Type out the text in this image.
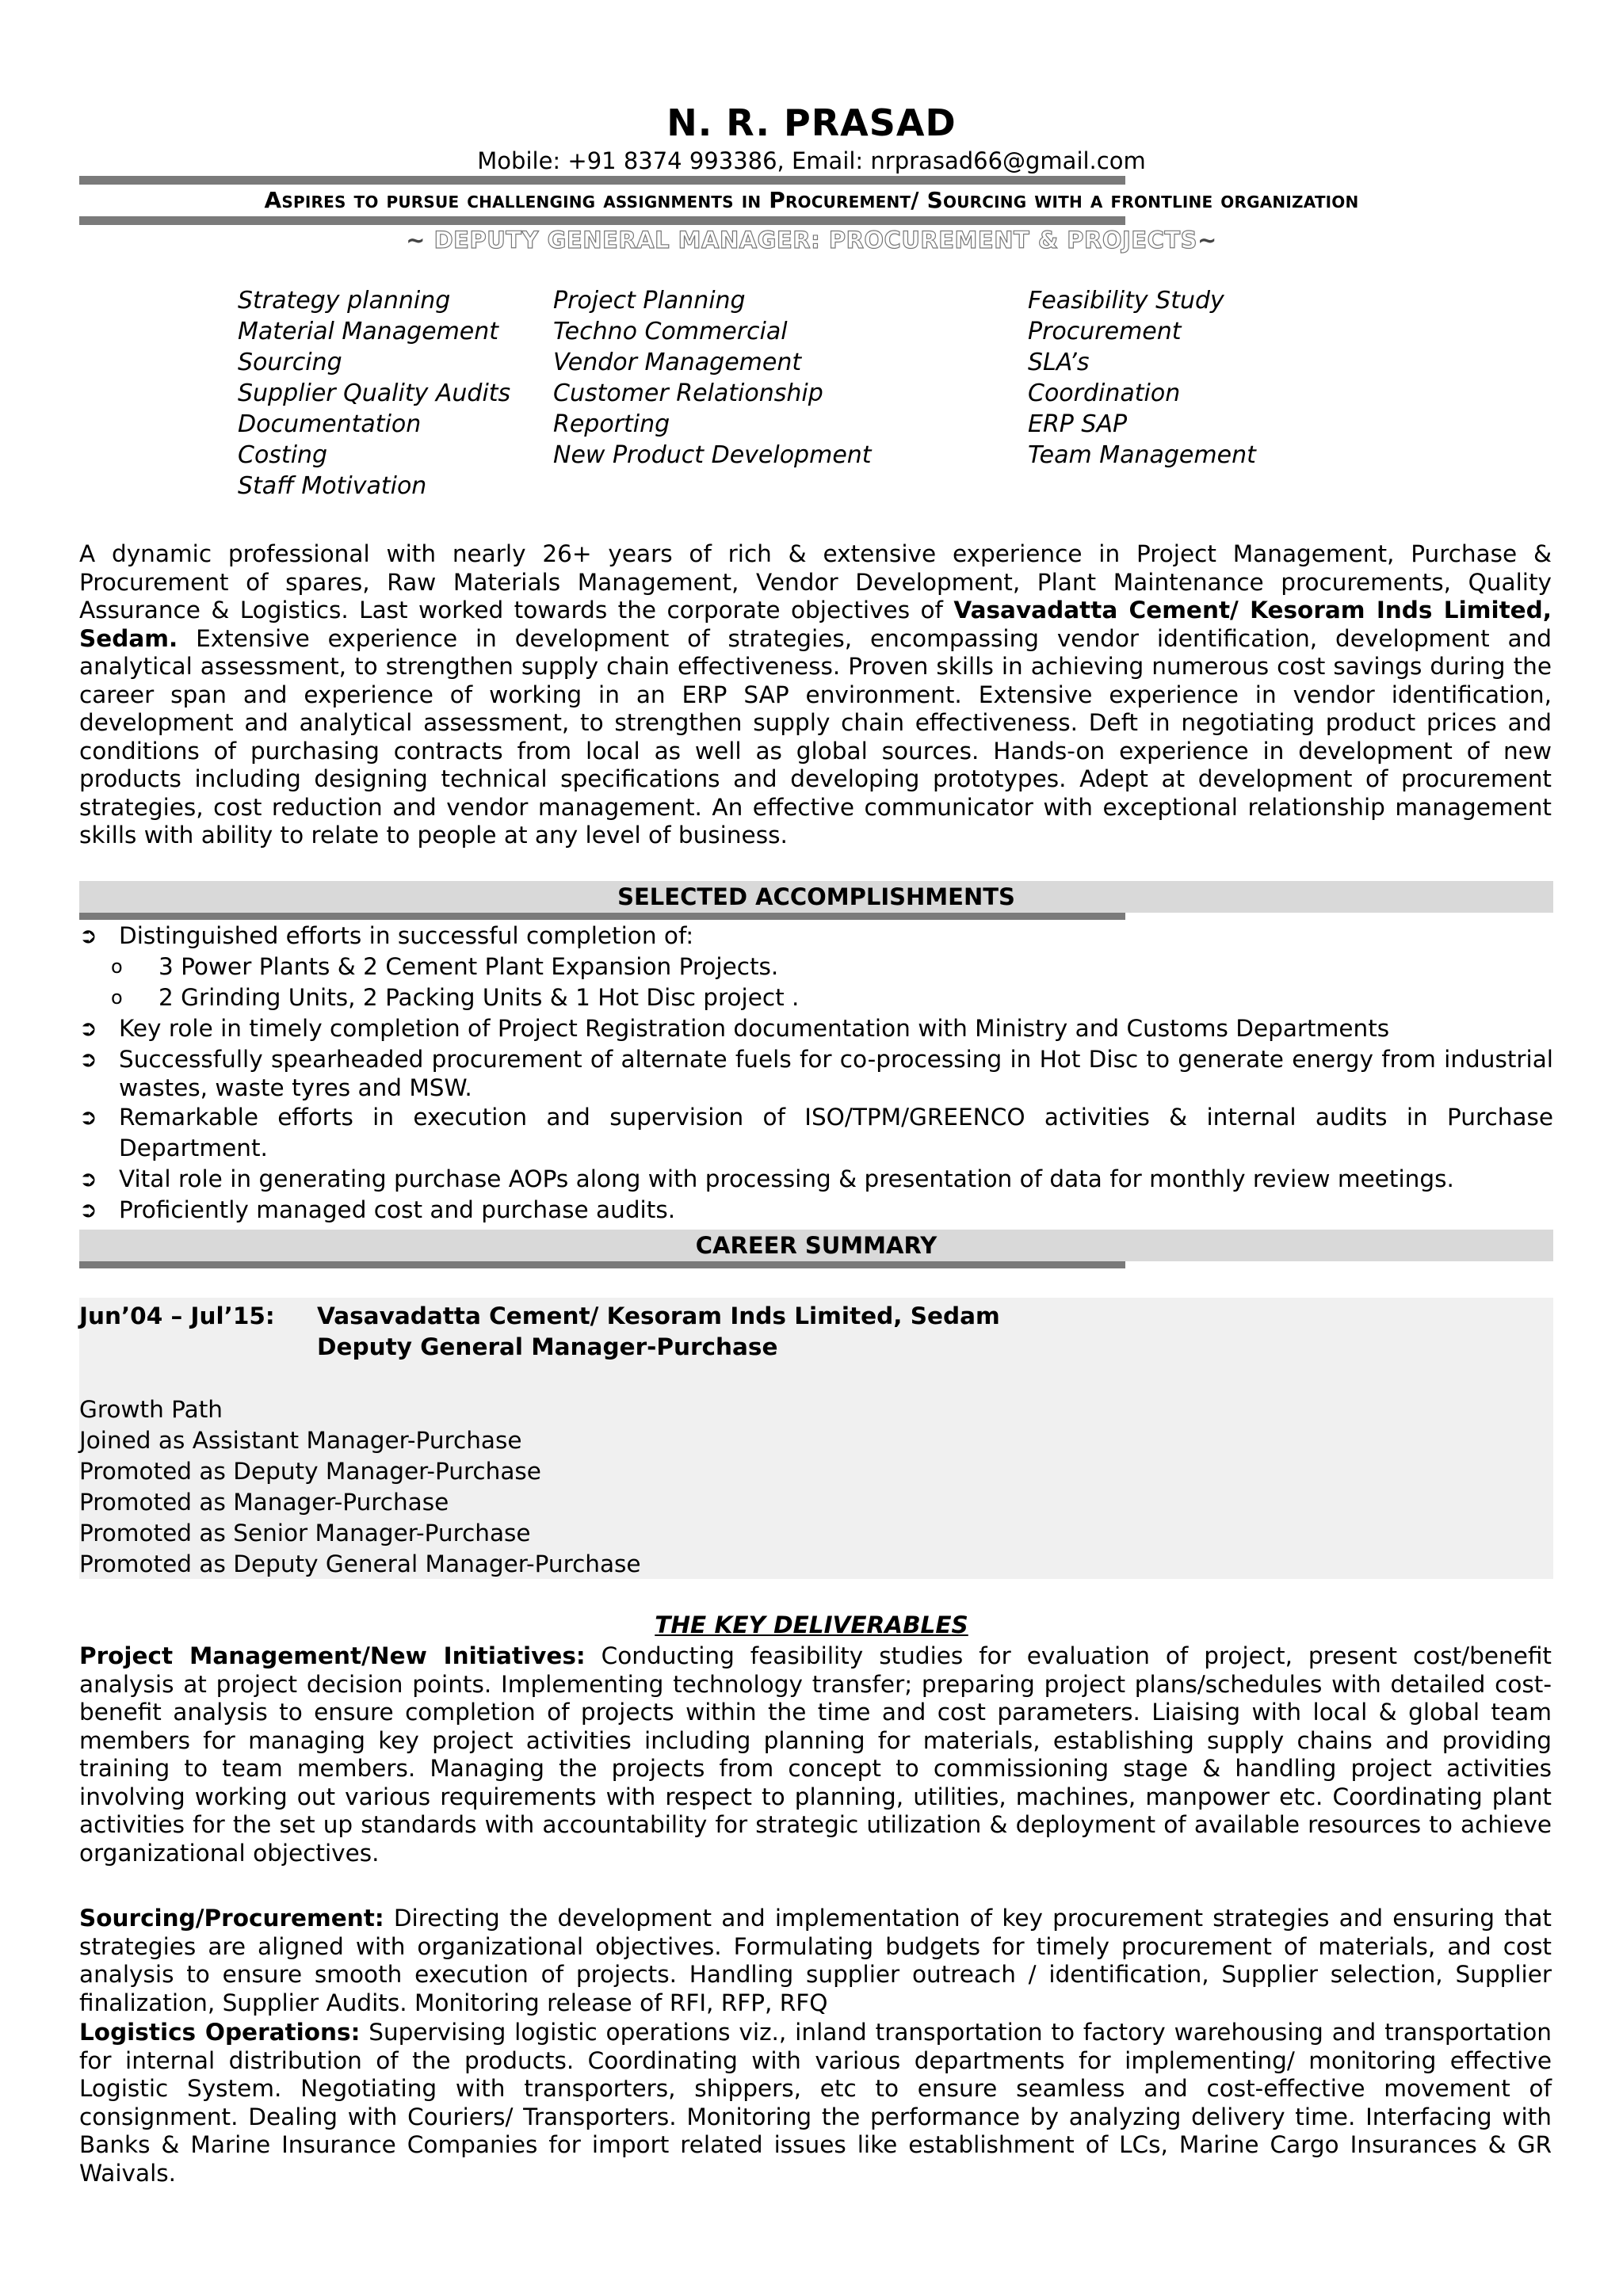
N. R. PRASAD
Mobile: +91 8374 993386, Email: nrprasad66@gmail.com
Aspires to pursue challenging assignments in Procurement/ Sourcing with a frontline organization
~ DEPUTY GENERAL MANAGER: PROCUREMENT & PROJECTS~
Strategy planning
Material Management
Sourcing
Supplier Quality Audits
Documentation
Costing
Staff Motivation
Project Planning
Techno Commercial
Vendor Management
Customer Relationship
Reporting
New Product Development
Feasibility Study
Procurement
SLA’s
Coordination
ERP SAP
Team Management
A dynamic professional with nearly 26+ years of rich & extensive experience in Project Management, Purchase & Procurement of spares, Raw Materials Management, Vendor Development, Plant Maintenance procurements, Quality Assurance & Logistics. Last worked towards the corporate objectives of Vasavadatta Cement/ Kesoram Inds Limited, Sedam. Extensive experience in development of strategies, encompassing vendor identification, development and analytical assessment, to strengthen supply chain effectiveness. Proven skills in achieving numerous cost savings during the career span and experience of working in an ERP SAP environment. Extensive experience in vendor identification, development and analytical assessment, to strengthen supply chain effectiveness. Deft in negotiating product prices and conditions of purchasing contracts from local as well as global sources. Hands-on experience in development of new products including designing technical specifications and developing prototypes. Adept at development of procurement strategies, cost reduction and vendor management. An effective communicator with exceptional relationship management skills with ability to relate to people at any level of business.
SELECTED ACCOMPLISHMENTS
➲ Distinguished efforts in successful completion of:
o 3 Power Plants & 2 Cement Plant Expansion Projects.
o 2 Grinding Units, 2 Packing Units & 1 Hot Disc project .
➲ Key role in timely completion of Project Registration documentation with Ministry and Customs Departments
➲ Successfully spearheaded procurement of alternate fuels for co-processing in Hot Disc to generate energy from industrial wastes, waste tyres and MSW.
➲ Remarkable efforts in execution and supervision of ISO/TPM/GREENCO activities & internal audits in Purchase Department.
➲ Vital role in generating purchase AOPs along with processing & presentation of data for monthly review meetings.
➲ Proficiently managed cost and purchase audits.
CAREER SUMMARY
Jun’04 – Jul’15: Vasavadatta Cement/ Kesoram Inds Limited, Sedam
Deputy General Manager-Purchase
Growth Path
Joined as Assistant Manager-Purchase
Promoted as Deputy Manager-Purchase
Promoted as Manager-Purchase
Promoted as Senior Manager-Purchase
Promoted as Deputy General Manager-Purchase
THE KEY DELIVERABLES
Project Management/New Initiatives: Conducting feasibility studies for evaluation of project, present cost/benefit analysis at project decision points. Implementing technology transfer; preparing project plans/schedules with detailed cost-benefit analysis to ensure completion of projects within the time and cost parameters. Liaising with local & global team members for managing key project activities including planning for materials, establishing supply chains and providing training to team members. Managing the projects from concept to commissioning stage & handling project activities involving working out various requirements with respect to planning, utilities, machines, manpower etc. Coordinating plant activities for the set up standards with accountability for strategic utilization & deployment of available resources to achieve organizational objectives.
Sourcing/Procurement: Directing the development and implementation of key procurement strategies and ensuring that strategies are aligned with organizational objectives. Formulating budgets for timely procurement of materials, and cost analysis to ensure smooth execution of projects. Handling supplier outreach / identification, Supplier selection, Supplier finalization, Supplier Audits. Monitoring release of RFI, RFP, RFQ
Logistics Operations: Supervising logistic operations viz., inland transportation to factory warehousing and transportation for internal distribution of the products. Coordinating with various departments for implementing/ monitoring effective Logistic System. Negotiating with transporters, shippers, etc to ensure seamless and cost-effective movement of consignment. Dealing with Couriers/ Transporters. Monitoring the performance by analyzing delivery time. Interfacing with Banks & Marine Insurance Companies for import related issues like establishment of LCs, Marine Cargo Insurances & GR Waivals.
